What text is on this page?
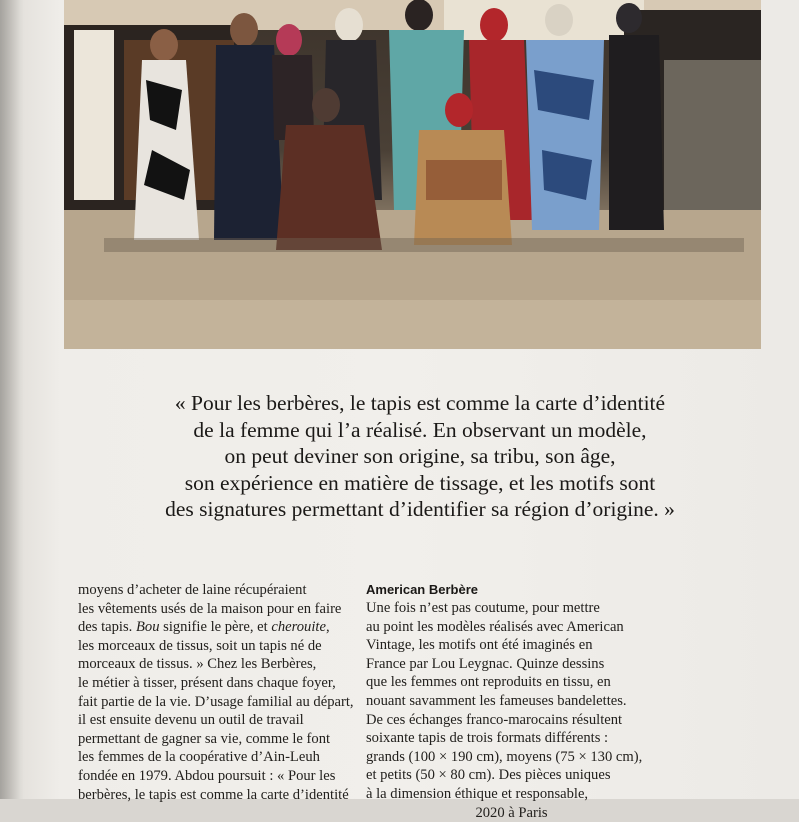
« Pour les berbères, le tapis est comme la carte d’identité
de la femme qui l’a réalisé. En observant un modèle,
on peut deviner son origine, sa tribu, son âge,
son expérience en matière de tissage, et les motifs sont
des signatures permettant d’identifier sa région d’origine. »
moyens d’acheter de laine récupéraient
les vêtements usés de la maison pour en faire
des tapis. Bou signifie le père, et cherouite,
les morceaux de tissus, soit un tapis né de
morceaux de tissus. » Chez les Berbères,
le métier à tisser, présent dans chaque foyer,
fait partie de la vie. D’usage familial au départ,
il est ensuite devenu un outil de travail
permettant de gagner sa vie, comme le font
les femmes de la coopérative d’Ain-Leuh
fondée en 1979. Abdou poursuit : « Pour les
berbères, le tapis est comme la carte d’identité
American Berbère
Une fois n’est pas coutume, pour mettre
au point les modèles réalisés avec American
Vintage, les motifs ont été imaginés en
France par Lou Leygnac. Quinze dessins
que les femmes ont reproduits en tissu, en
nouant savamment les fameuses bandelettes.
De ces échanges franco-marocains résultent
soixante tapis de trois formats différents :
grands (100 × 190 cm), moyens (75 × 130 cm),
et petits (50 × 80 cm). Des pièces uniques
à la dimension éthique et responsable,
2020 à Paris
